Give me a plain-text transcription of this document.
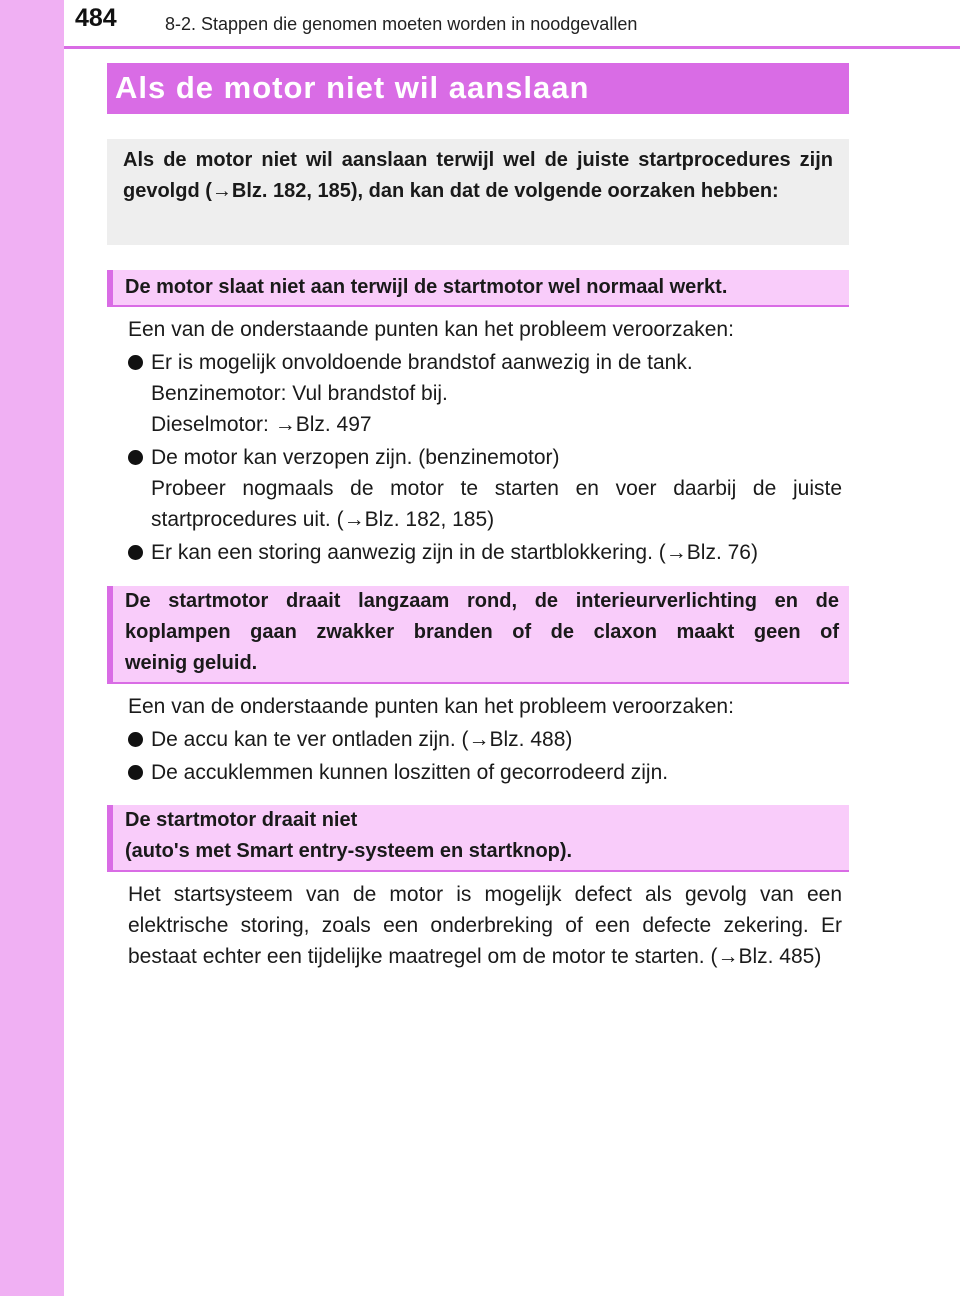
484	8-2. Stappen die genomen moeten worden in noodgevallen
Als de motor niet wil aanslaan
Als de motor niet wil aanslaan terwijl wel de juiste startprocedures zijn gevolgd (→Blz. 182, 185), dan kan dat de volgende oorzaken hebben:
De motor slaat niet aan terwijl de startmotor wel normaal werkt.
Een van de onderstaande punten kan het probleem veroorzaken:
Er is mogelijk onvoldoende brandstof aanwezig in de tank.
Benzinemotor: Vul brandstof bij.
Dieselmotor: →Blz. 497
De motor kan verzopen zijn. (benzinemotor)
Probeer nogmaals de motor te starten en voer daarbij de juiste
startprocedures uit. (→Blz. 182, 185)
Er kan een storing aanwezig zijn in de startblokkering. (→Blz. 76)
De startmotor draait langzaam rond, de interieurverlichting en de
koplampen gaan zwakker branden of de claxon maakt geen of
weinig geluid.
Een van de onderstaande punten kan het probleem veroorzaken:
De accu kan te ver ontladen zijn. (→Blz. 488)
De accuklemmen kunnen loszitten of gecorrodeerd zijn.
De startmotor draait niet
(auto's met Smart entry-systeem en startknop).
Het startsysteem van de motor is mogelijk defect als gevolg van een elektrische storing, zoals een onderbreking of een defecte zekering. Er bestaat echter een tijdelijke maatregel om de motor te starten. (→Blz. 485)
